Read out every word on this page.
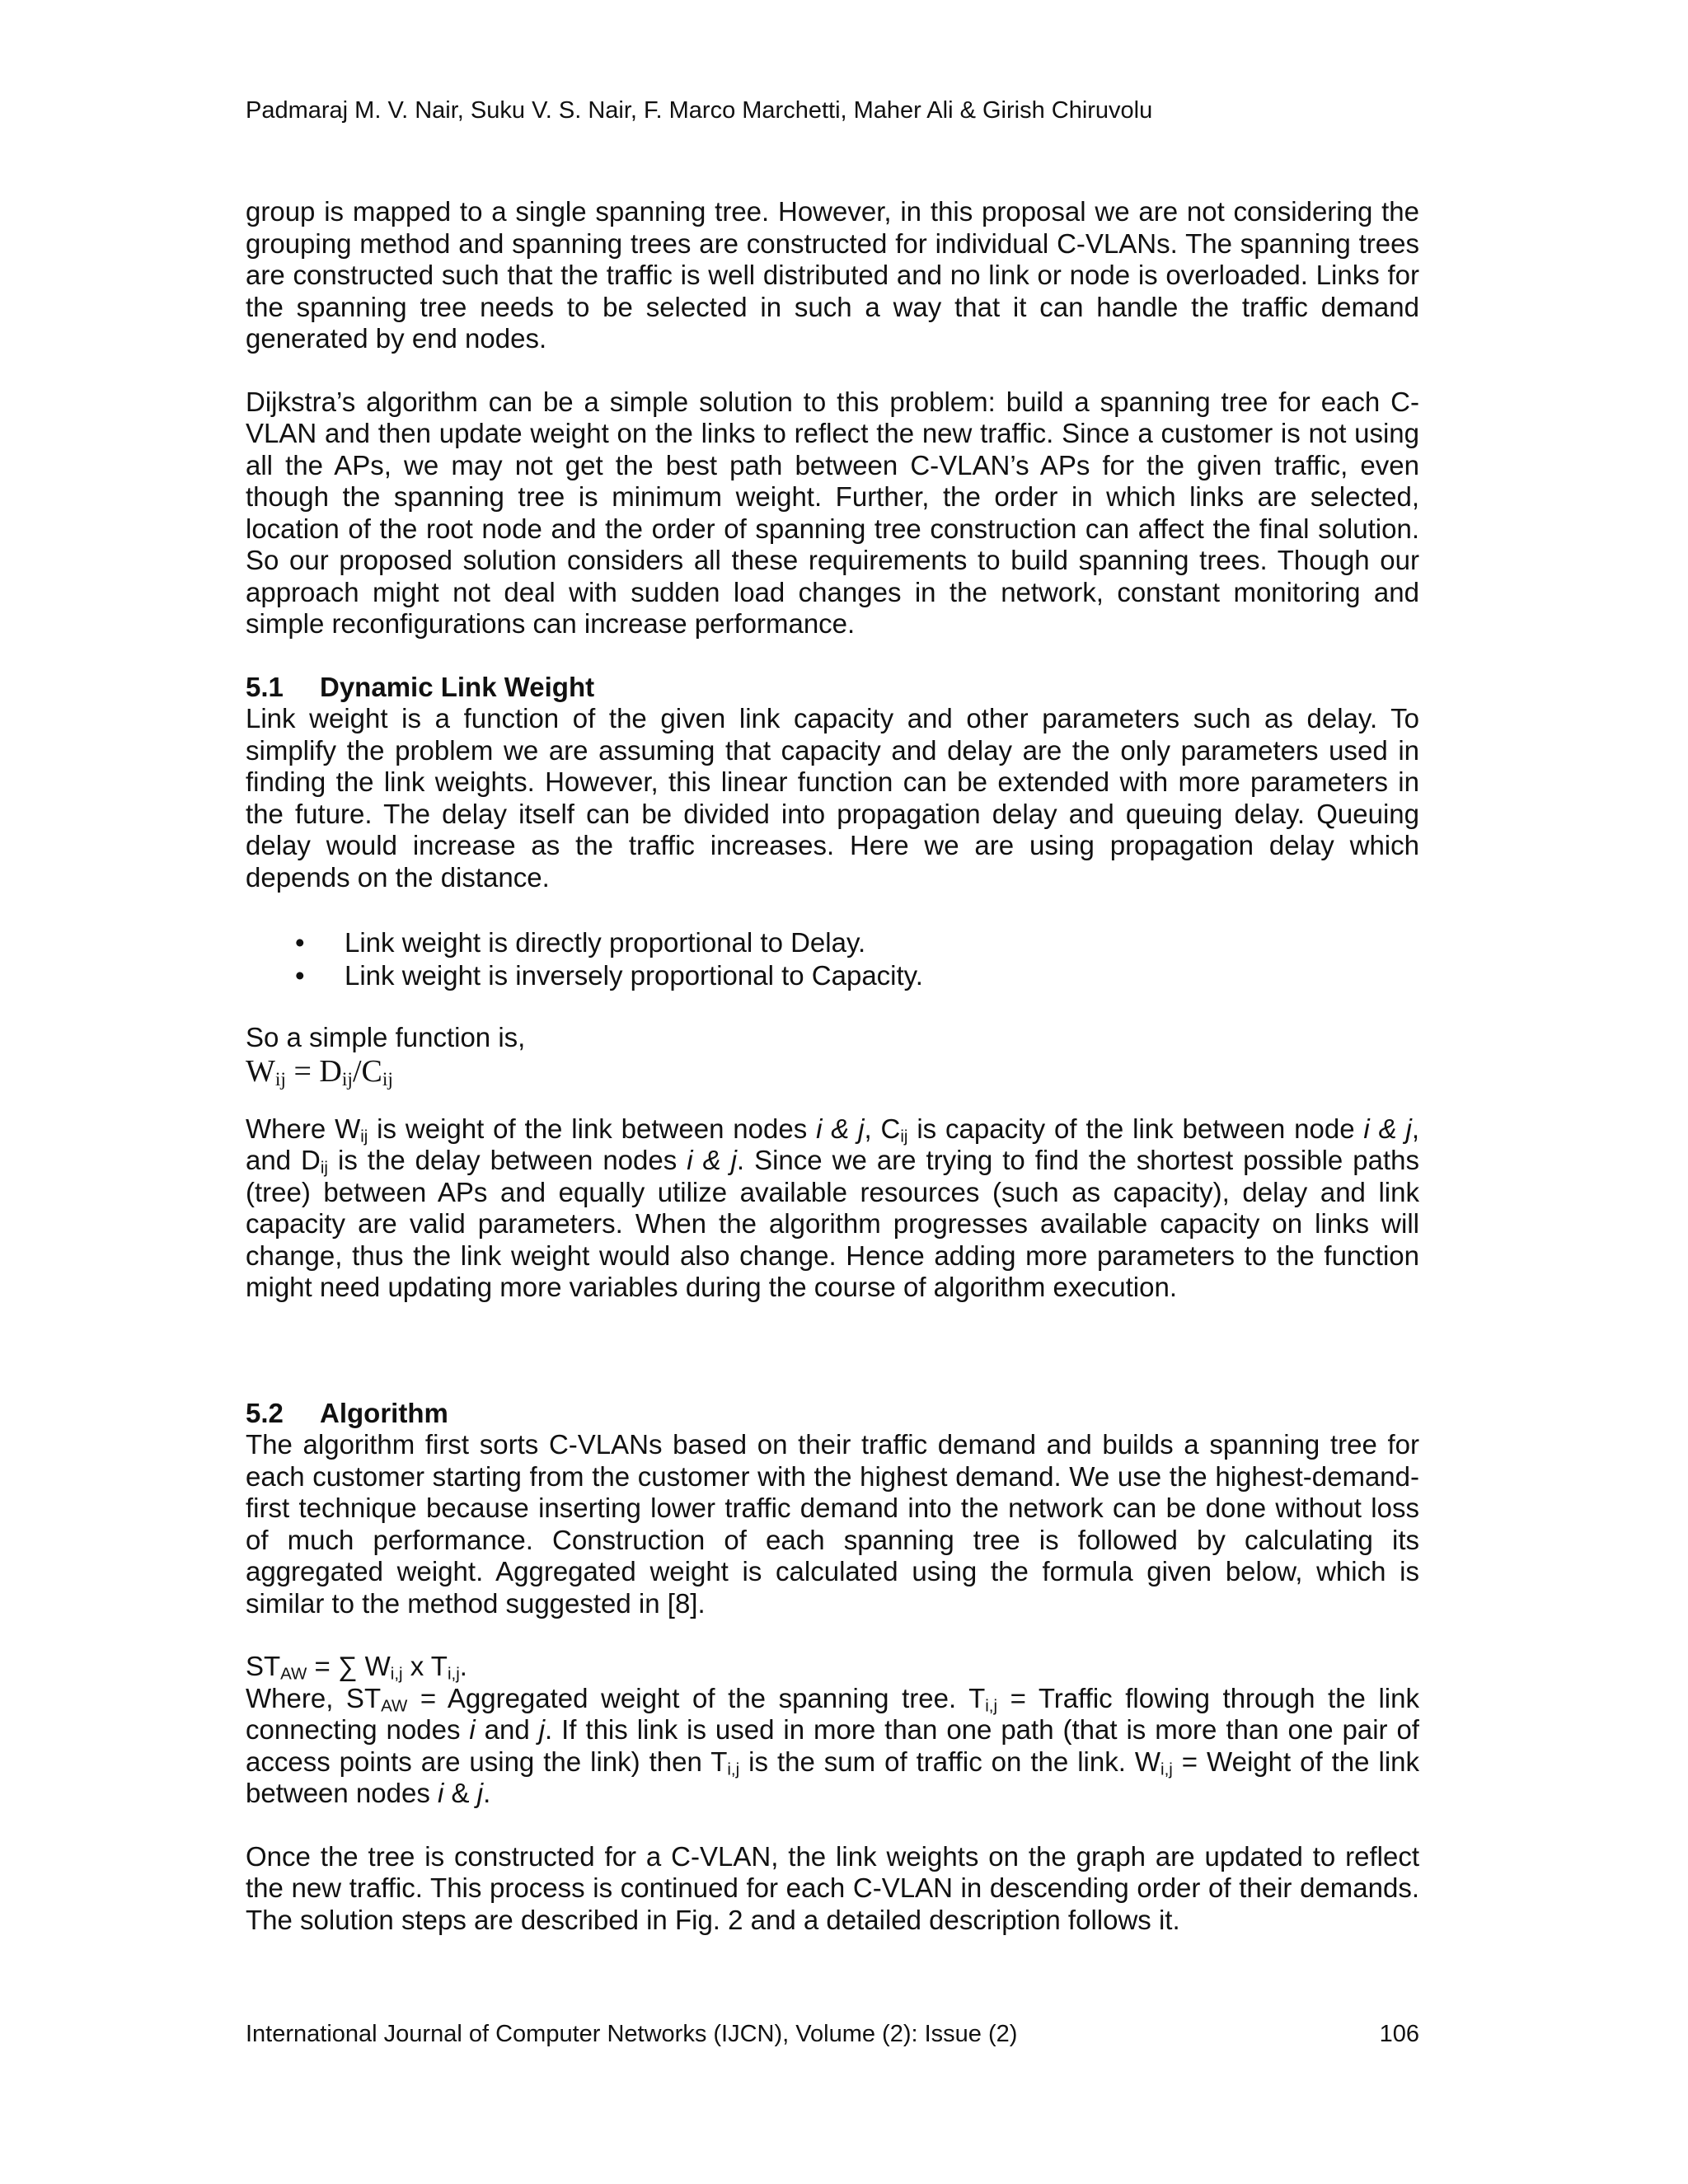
Padmaraj M. V. Nair, Suku V. S. Nair, F. Marco Marchetti, Maher Ali & Girish Chiruvolu

group is mapped to a single spanning tree. However, in this proposal we are not considering the grouping method and spanning trees are constructed for individual C-VLANs. The spanning trees are constructed such that the traffic is well distributed and no link or node is overloaded. Links for the spanning tree needs to be selected in such a way that it can handle the traffic demand generated by end nodes.

Dijkstra’s algorithm can be a simple solution to this problem: build a spanning tree for each C-VLAN and then update weight on the links to reflect the new traffic. Since a customer is not using all the APs, we may not get the best path between C-VLAN’s APs for the given traffic, even though the spanning tree is minimum weight. Further, the order in which links are selected, location of the root node and the order of spanning tree construction can affect the final solution. So our proposed solution considers all these requirements to build spanning trees. Though our approach might not deal with sudden load changes in the network, constant monitoring and simple reconfigurations can increase performance.

5.1 Dynamic Link Weight

Link weight is a function of the given link capacity and other parameters such as delay. To simplify the problem we are assuming that capacity and delay are the only parameters used in finding the link weights. However, this linear function can be extended with more parameters in the future. The delay itself can be divided into propagation delay and queuing delay. Queuing delay would increase as the traffic increases. Here we are using propagation delay which depends on the distance.

• Link weight is directly proportional to Delay.
• Link weight is inversely proportional to Capacity.

So a simple function is,

$W_{ij} = D_{ij}/C_{ij}$

Where $W_{ij}$ is weight of the link between nodes i & j, $C_{ij}$ is capacity of the link between node i & j, and $D_{ij}$ is the delay between nodes i & j. Since we are trying to find the shortest possible paths (tree) between APs and equally utilize available resources (such as capacity), delay and link capacity are valid parameters. When the algorithm progresses available capacity on links will change, thus the link weight would also change. Hence adding more parameters to the function might need updating more variables during the course of algorithm execution.

5.2 Algorithm

The algorithm first sorts C-VLANs based on their traffic demand and builds a spanning tree for each customer starting from the customer with the highest demand. We use the highest-demand-first technique because inserting lower traffic demand into the network can be done without loss of much performance. Construction of each spanning tree is followed by calculating its aggregated weight. Aggregated weight is calculated using the formula given below, which is similar to the method suggested in [8].

$ST_{AW}$ = ∑ $W_{i,j}$ x $T_{i,j}$.

Where, $ST_{AW}$ = Aggregated weight of the spanning tree. $T_{i,j}$ = Traffic flowing through the link connecting nodes i and j. If this link is used in more than one path (that is more than one pair of access points are using the link) then $T_{i,j}$ is the sum of traffic on the link. $W_{i,j}$ = Weight of the link between nodes i & j.

Once the tree is constructed for a C-VLAN, the link weights on the graph are updated to reflect the new traffic. This process is continued for each C-VLAN in descending order of their demands. The solution steps are described in Fig. 2 and a detailed description follows it.

International Journal of Computer Networks (IJCN), Volume (2): Issue (2)	106
